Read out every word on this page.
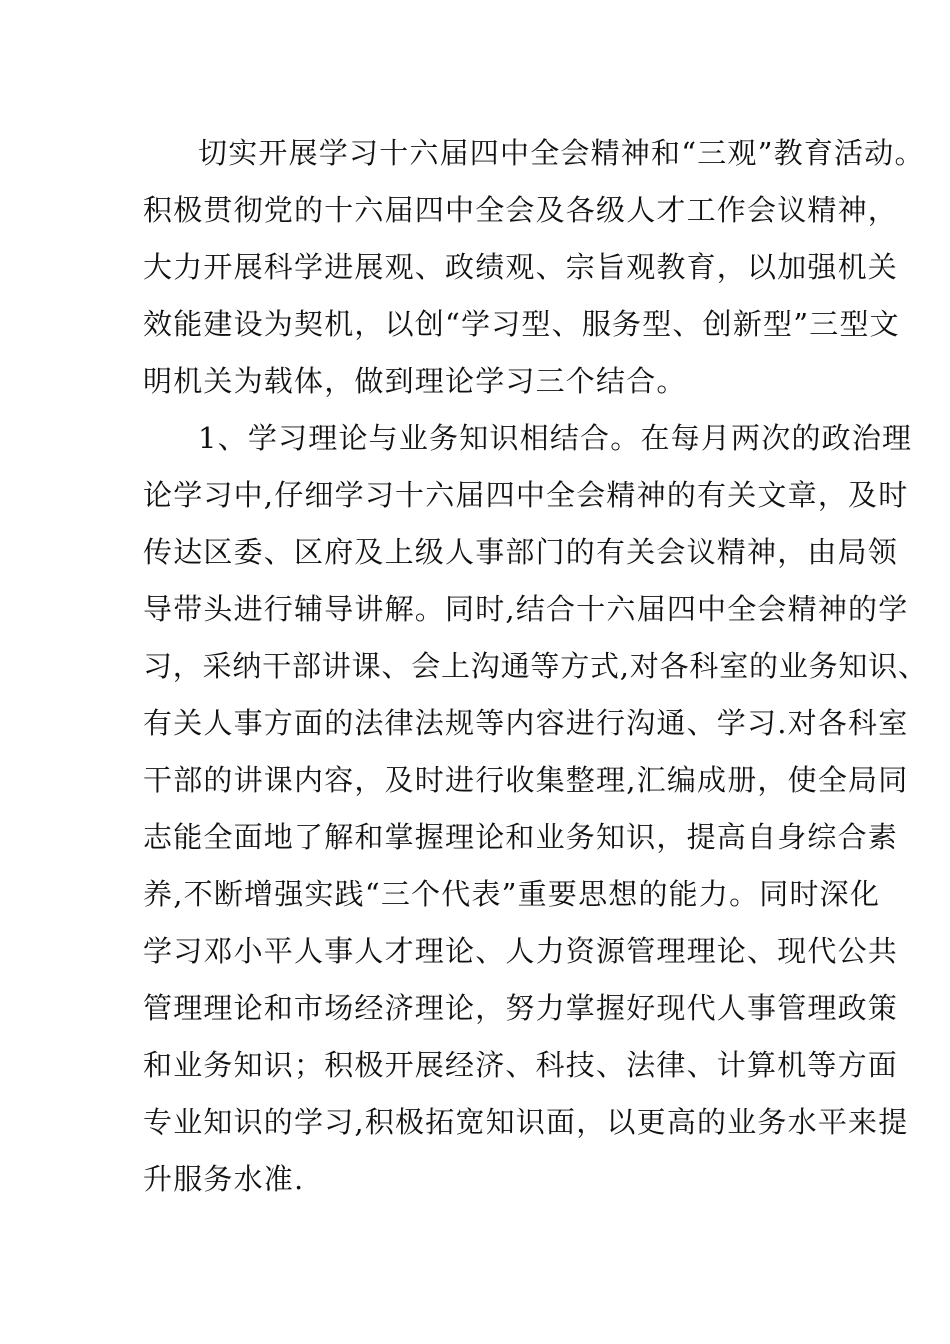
切实开展学习十六届四中全会精神和“三观”教育活动。
积极贯彻党的十六届四中全会及各级人才工作会议精神，
大力开展科学进展观、政绩观、宗旨观教育，以加强机关
效能建设为契机，以创“学习型、服务型、创新型”三型文
明机关为载体，做到理论学习三个结合。
1、学习理论与业务知识相结合。在每月两次的政治理
论学习中,仔细学习十六届四中全会精神的有关文章，及时
传达区委、区府及上级人事部门的有关会议精神，由局领
导带头进行辅导讲解。同时,结合十六届四中全会精神的学
习，采纳干部讲课、会上沟通等方式,对各科室的业务知识、
有关人事方面的法律法规等内容进行沟通、学习.对各科室
干部的讲课内容，及时进行收集整理,汇编成册，使全局同
志能全面地了解和掌握理论和业务知识，提高自身综合素
养,不断增强实践“三个代表”重要思想的能力。同时深化
学习邓小平人事人才理论、人力资源管理理论、现代公共
管理理论和市场经济理论，努力掌握好现代人事管理政策
和业务知识；积极开展经济、科技、法律、计算机等方面
专业知识的学习,积极拓宽知识面，以更高的业务水平来提
升服务水准.
